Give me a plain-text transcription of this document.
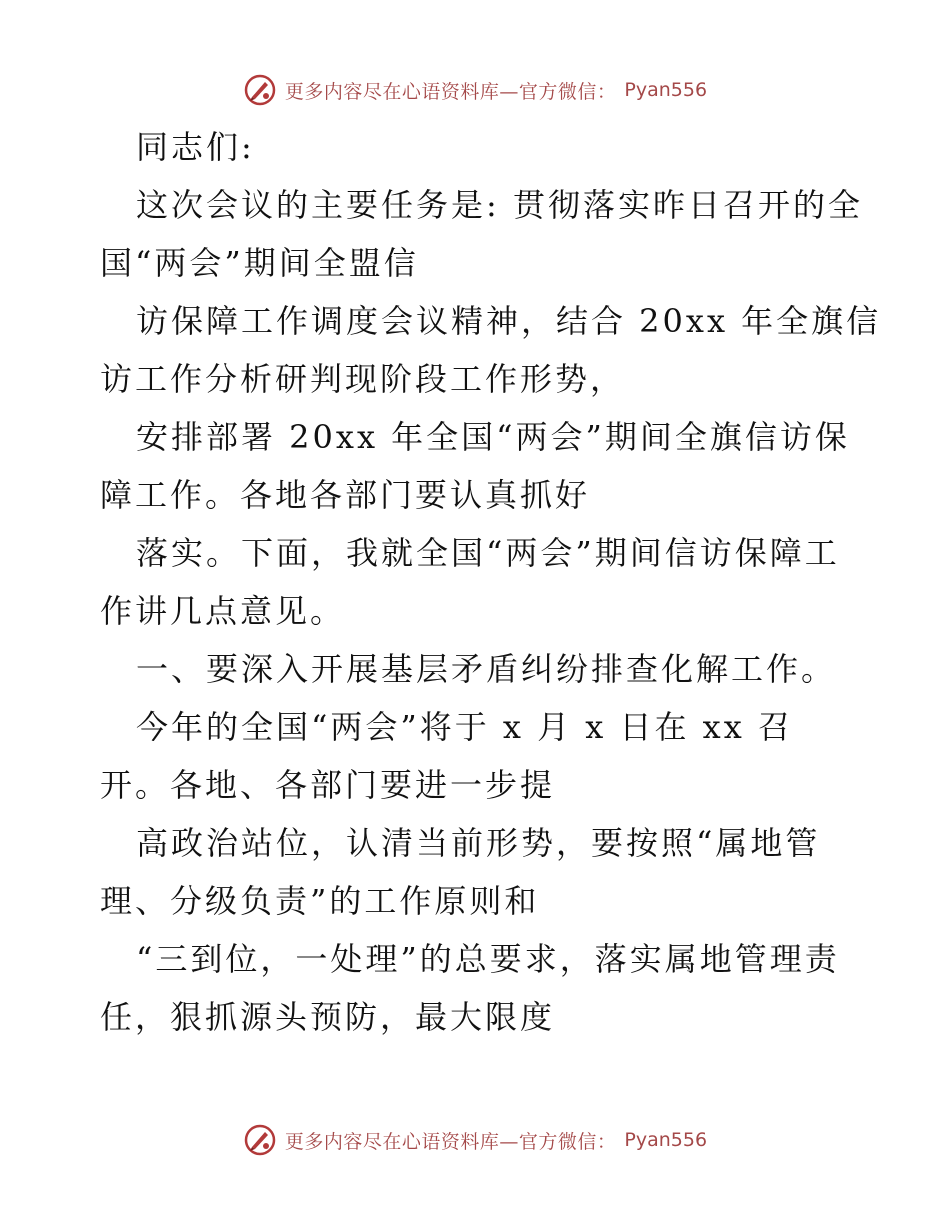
更多内容尽在心语资料库—官方微信： Pyan556
同志们:
这次会议的主要任务是: 贯彻落实昨日召开的全
国“两会”期间全盟信
访保障工作调度会议精神，结合 20xx 年全旗信
访工作分析研判现阶段工作形势，
安排部署 20xx 年全国“两会”期间全旗信访保
障工作。各地各部门要认真抓好
落实。下面，我就全国“两会”期间信访保障工
作讲几点意见。
一、要深入开展基层矛盾纠纷排查化解工作。
今年的全国“两会”将于 x 月 x 日在 xx 召
开。各地、各部门要进一步提
高政治站位，认清当前形势，要按照“属地管
理、分级负责”的工作原则和
“三到位，一处理”的总要求，落实属地管理责
任，狠抓源头预防，最大限度
更多内容尽在心语资料库—官方微信： Pyan556
